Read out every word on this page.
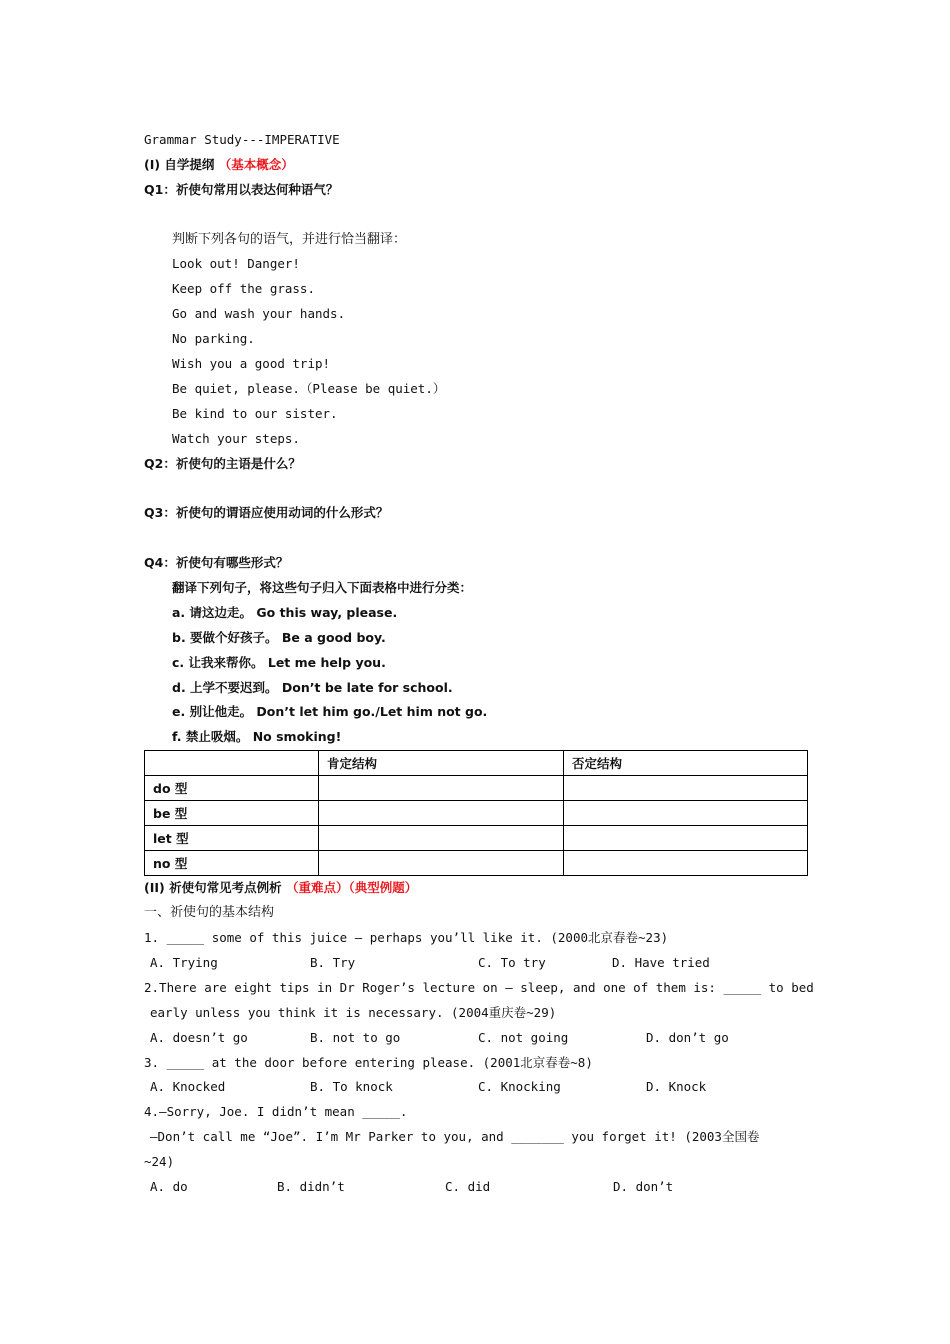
Grammar Study---IMPERATIVE
(I) 自学提纲 （基本概念）
Q1：祈使句常用以表达何种语气？
判断下列各句的语气，并进行恰当翻译：
Look out! Danger!
Keep off the grass.
Go and wash your hands.
No parking.
Wish you a good trip!
Be quiet, please.（Please be quiet.）
Be kind to our sister.
Watch your steps.
Q2：祈使句的主语是什么？
Q3：祈使句的谓语应使用动词的什么形式？
Q4：祈使句有哪些形式？
翻译下列句子，将这些句子归入下面表格中进行分类：
a. 请这边走。 Go this way, please.
b. 要做个好孩子。 Be a good boy.
c. 让我来帮你。 Let me help you.
d. 上学不要迟到。 Don’t be late for school.
e. 别让他走。 Don’t let him go./Let him not go.
f. 禁止吸烟。 No smoking!
	肯定结构	否定结构
do 型		
be 型		
let 型		
no 型		
(II) 祈使句常见考点例析 （重难点）（典型例题）
一、祈使句的基本结构
1. _____ some of this juice — perhaps you’ll like it. (2000北京春卷~23)
A. Trying	B. Try	C. To try	D. Have tried
2.There are eight tips in Dr Roger’s lecture on — sleep, and one of them is: _____ to bed
early unless you think it is necessary. (2004重庆卷~29)
A. doesn’t go	B. not to go	C. not going	D. don’t go
3. _____ at the door before entering please. (2001北京春卷~8)
A. Knocked	B. To knock	C. Knocking	D. Knock
4.—Sorry, Joe. I didn’t mean _____.
—Don’t call me “Joe”. I’m Mr Parker to you, and _______ you forget it! (2003全国卷
~24)
A. do	B. didn’t	C. did	D. don’t
